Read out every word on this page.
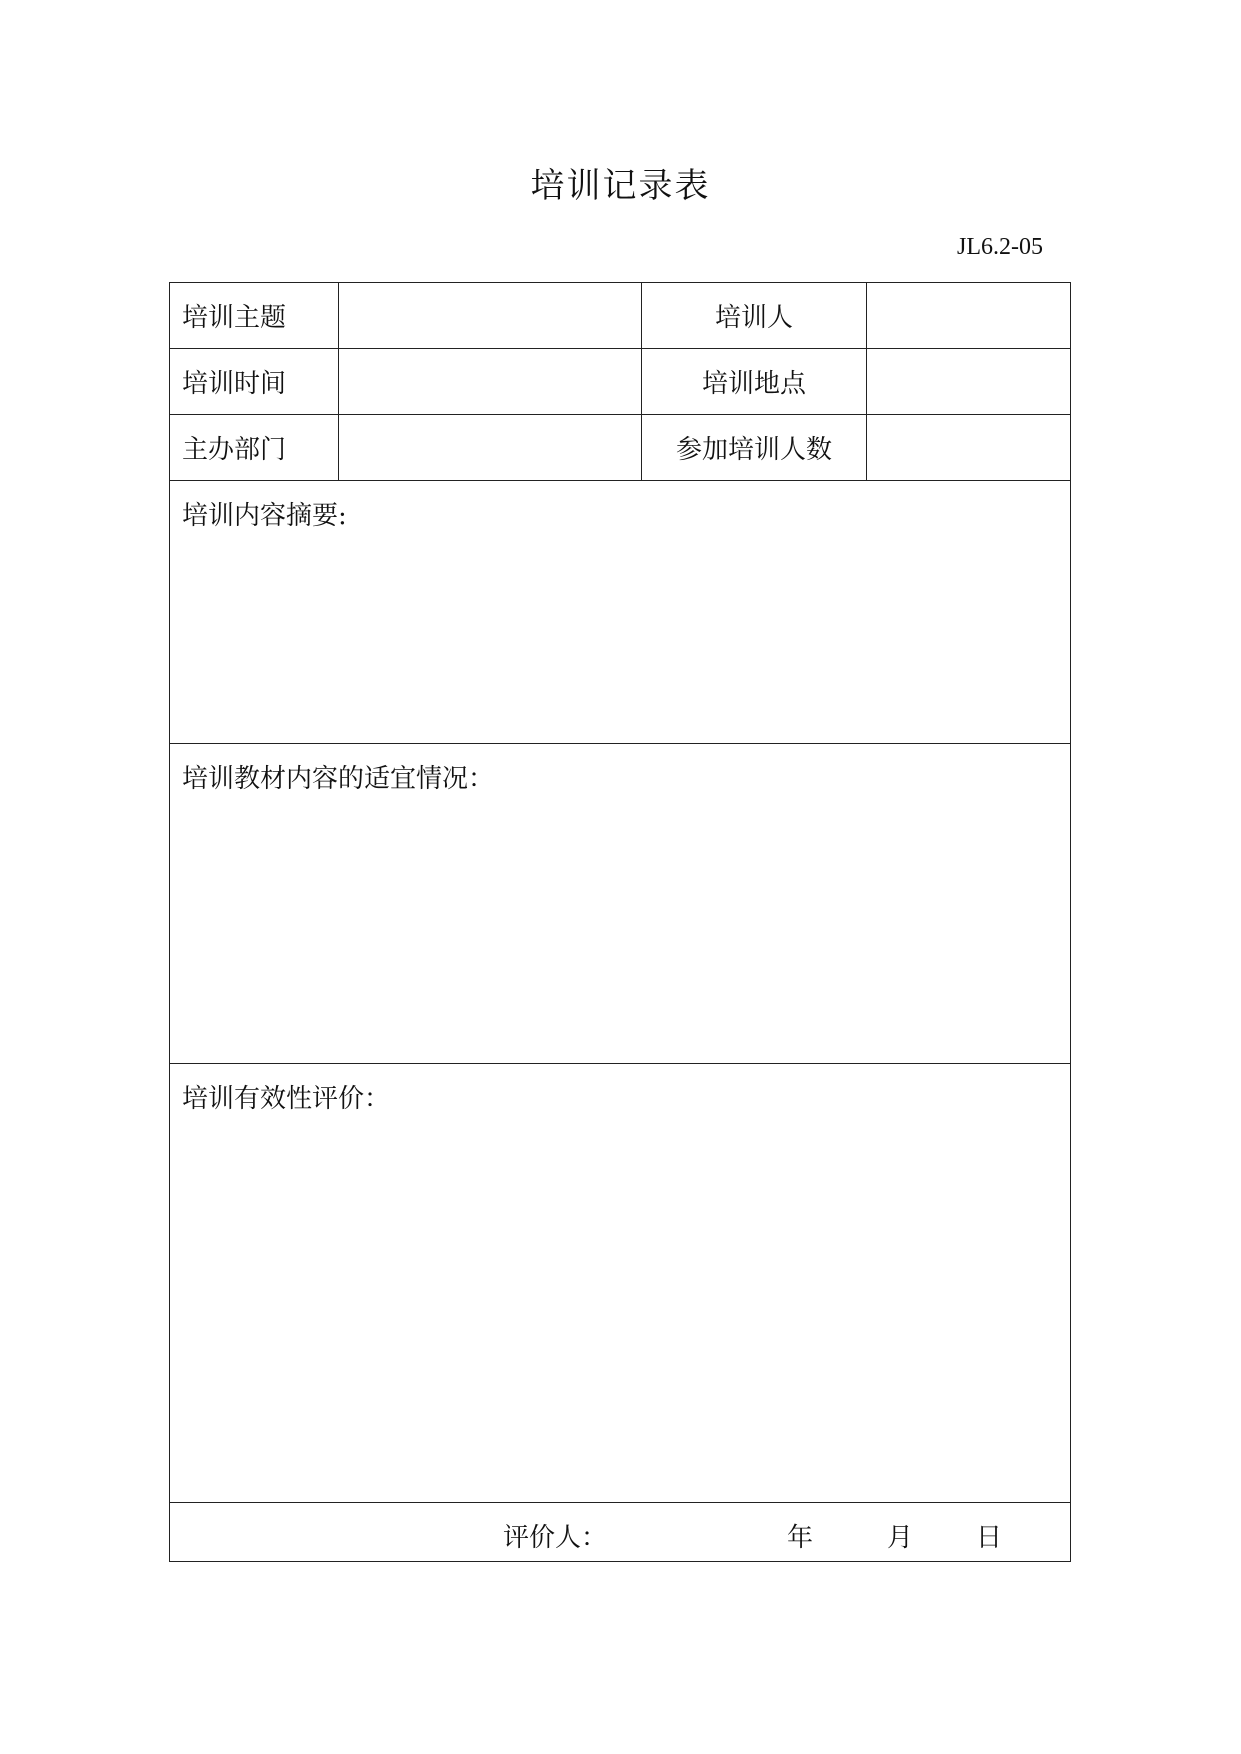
培训记录表
JL6.2-05
培训主题		培训人	
培训时间		培训地点	
主办部门		参加培训人数	

培训内容摘要:			

培训教材内容的适宜情况：			

培训有效性评价：			

评价人： 年 月 日			
